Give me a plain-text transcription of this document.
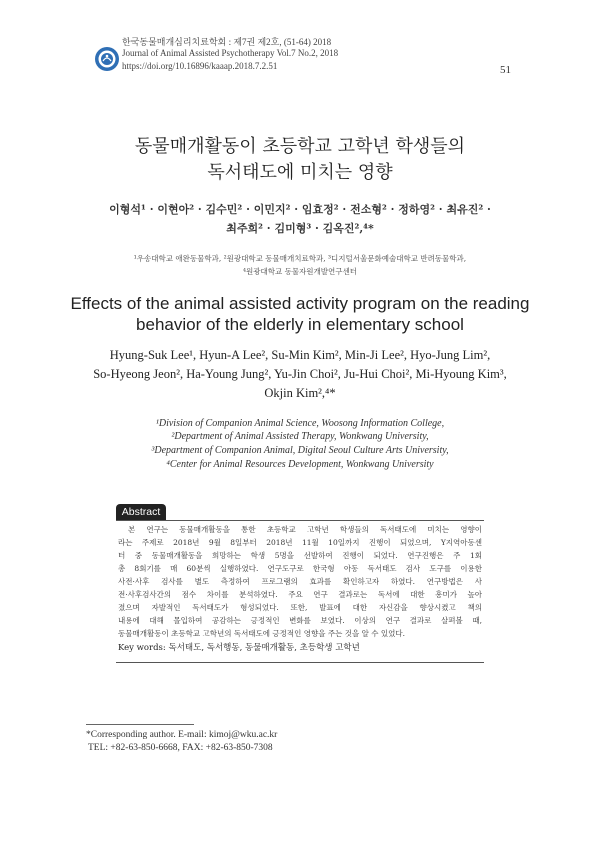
한국동물매개심리치료학회 : 제7권 제2호, (51-64) 2018
Journal of Animal Assisted Psychotherapy Vol.7 No.2, 2018
https://doi.org/10.16896/kaaap.2018.7.2.51	51
동물매개활동이 초등학교 고학년 학생들의
독서태도에 미치는 영향
이형석¹ · 이현아² · 김수민² · 이민지² · 임효정² · 전소형² · 정하영² · 최유진² ·
최주희² · 김미형³ · 김옥진²,⁴*
¹우송대학교 애완동물학과, ²원광대학교 동물매개치료학과, ³디지털서울문화예술대학교 반려동물학과,
⁴원광대학교 동물자원개발연구센터
Effects of the animal assisted activity program on the reading
behavior of the elderly in elementary school
Hyung-Suk Lee¹, Hyun-A Lee², Su-Min Kim², Min-Ji Lee², Hyo-Jung Lim²,
So-Hyeong Jeon², Ha-Young Jung², Yu-Jin Choi², Ju-Hui Choi², Mi-Hyoung Kim³,
Okjin Kim²,⁴*
¹Division of Companion Animal Science, Woosong Information College,
²Department of Animal Assisted Therapy, Wonkwang University,
³Department of Companion Animal, Digital Seoul Culture Arts University,
⁴Center for Animal Resources Development, Wonkwang University
Abstract
본 연구는 동물매개활동을 통한 초등학교 고학년 학생들의 독서태도에 미치는 영향이
라는 주제로 2018년 9월 8일부터 2018년 11월 10일까지 진행이 되었으며, Y지역아동센
터 중 동물매개활동을 희망하는 학생 5명을 선발하여 진행이 되었다. 연구진행은 주 1회
총 8회기를 매 60분씩 실행하였다. 연구도구로 한국형 아동 독서태도 검사 도구를 이용한
사전·사후 검사를 별도 측정하여 프로그램의 효과를 확인하고자 하였다. 연구방법은 사
전·사후검사간의 점수 차이를 분석하였다. 주요 연구 결과로는 독서에 대한 흥미가 높아
졌으며 자발적인 독서태도가 형성되었다. 또한, 발표에 대한 자신감을 향상시켰고 책의
내용에 대해 몰입하여 공감하는 긍정적인 변화를 보였다. 이상의 연구 결과로 살펴볼 때,
동물매개활동이 초등학교 고학년의 독서태도에 긍정적인 영향을 주는 것을 알 수 있었다.
Key words: 독서태도, 독서행동, 동물매개활동, 초등학생 고학년
*Corresponding author. E-mail: kimoj@wku.ac.kr
TEL: +82-63-850-6668, FAX: +82-63-850-7308
